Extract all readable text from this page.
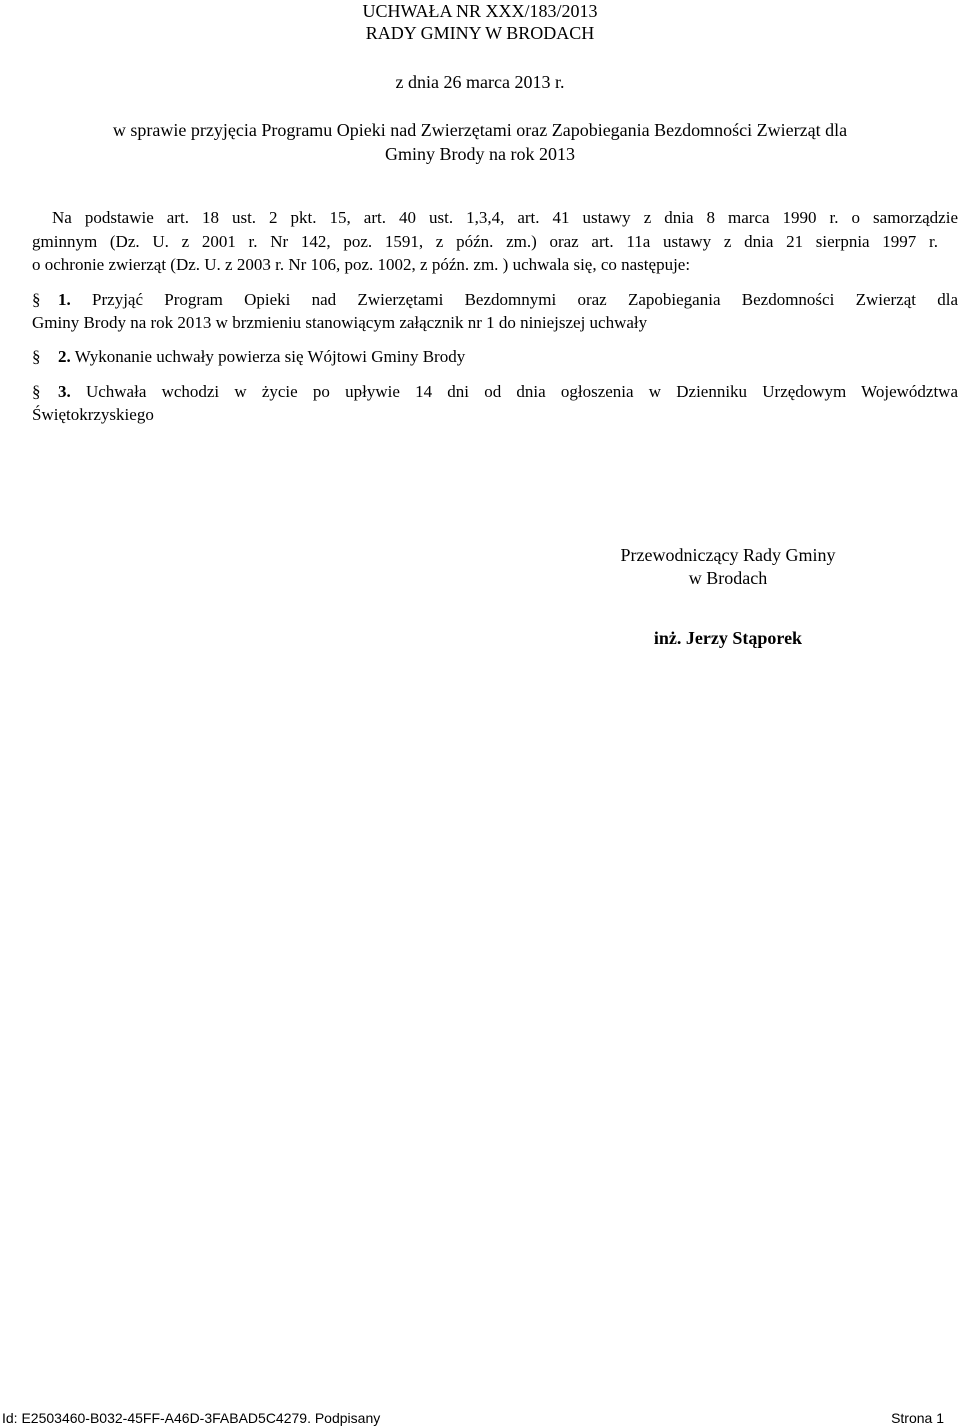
UCHWAŁA NR XXX/183/2013
RADY GMINY W BRODACH
z dnia 26 marca 2013 r.
w sprawie przyjęcia Programu Opieki nad Zwierzętami oraz Zapobiegania Bezdomności Zwierząt dla
Gminy Brody na rok 2013
Na podstawie art. 18 ust. 2 pkt. 15, art. 40 ust. 1,3,4, art. 41 ustawy z dnia 8 marca 1990 r. o samorządzie
gminnym (Dz. U. z 2001 r. Nr 142, poz. 1591, z późn. zm.) oraz art. 11a ustawy z dnia 21 sierpnia 1997 r.
o ochronie zwierząt (Dz. U. z 2003 r. Nr 106, poz. 1002, z późn. zm. ) uchwala się, co następuje:
§ 1. Przyjąć Program Opieki nad Zwierzętami Bezdomnymi oraz Zapobiegania Bezdomności Zwierząt dla
Gminy Brody na rok 2013 w brzmieniu stanowiącym załącznik nr 1 do niniejszej uchwały
§ 2. Wykonanie uchwały powierza się Wójtowi Gminy Brody
§ 3. Uchwała wchodzi w życie po upływie 14 dni od dnia ogłoszenia w Dzienniku Urzędowym Województwa
Świętokrzyskiego
Przewodniczący Rady Gminy
w Brodach
inż. Jerzy Stąporek
Id: E2503460-B032-45FF-A46D-3FABAD5C4279. Podpisany	Strona 1
